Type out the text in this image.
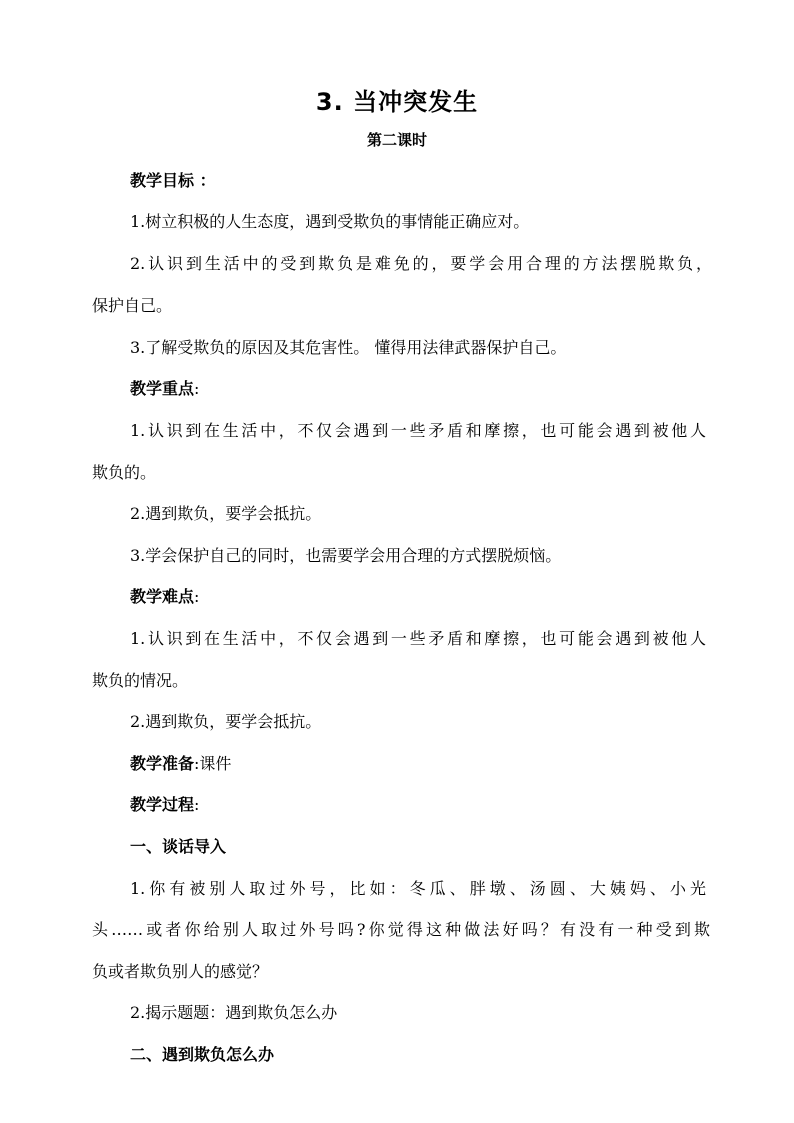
3. 当冲突发生
第二课时
教学目标 ：
1.树立积极的人生态度，遇到受欺负的事情能正确应对。
2.认识到生活中的受到欺负是难免的，要学会用合理的方法摆脱欺负，
保护自己。
3.了解受欺负的原因及其危害性。 懂得用法律武器保护自己。
教学重点:
1.认识到在生活中，不仅会遇到一些矛盾和摩擦，也可能会遇到被他人
欺负的。
2.遇到欺负，要学会抵抗。
3.学会保护自己的同时，也需要学会用合理的方式摆脱烦恼。
教学难点:
1.认识到在生活中，不仅会遇到一些矛盾和摩擦，也可能会遇到被他人
欺负的情况。
2.遇到欺负，要学会抵抗。
教学准备:课件
教学过程:
一、谈话导入
1.你有被别人取过外号，比如：冬瓜、胖墩、汤圆、大姨妈、小光
头……或者你给别人取过外号吗?你觉得这种做法好吗？有没有一种受到欺
负或者欺负别人的感觉？
2.揭示题题：遇到欺负怎么办
二、遇到欺负怎么办
